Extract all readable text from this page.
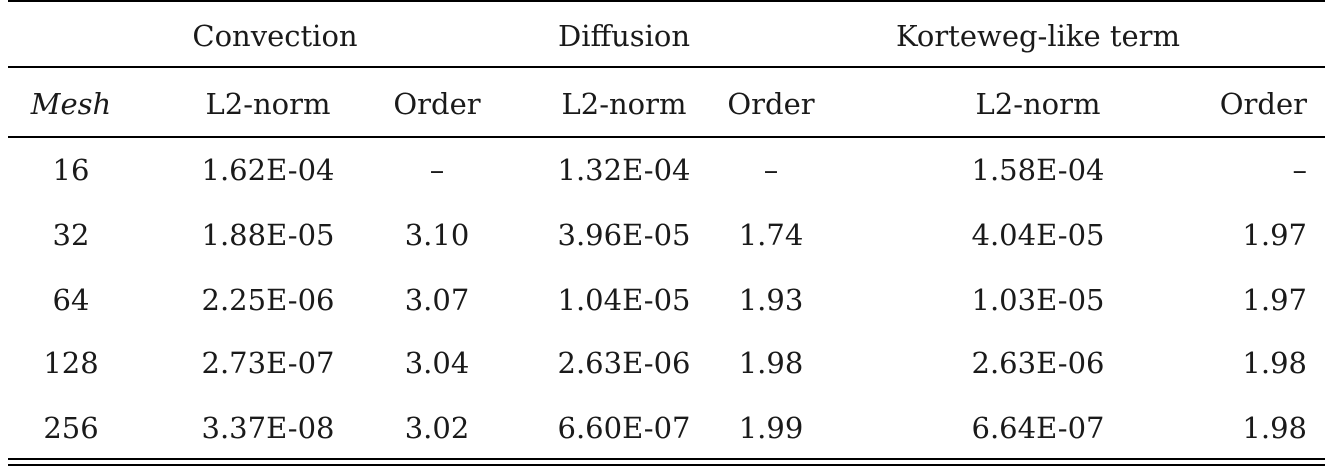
Convection	Diffusion	Korteweg-like term
Mesh	L2-norm Order	L2-norm Order	L2-norm	Order
16	1.62E-04	–	1.32E-04	–	1.58E-04	–
32	1.88E-05 3.10	3.96E-05 1.74	4.04E-05	1.97
64	2.25E-06 3.07	1.04E-05 1.93	1.03E-05	1.97
128	2.73E-07 3.04	2.63E-06 1.98	2.63E-06	1.98
256	3.37E-08 3.02	6.60E-07 1.99	6.64E-07	1.98
